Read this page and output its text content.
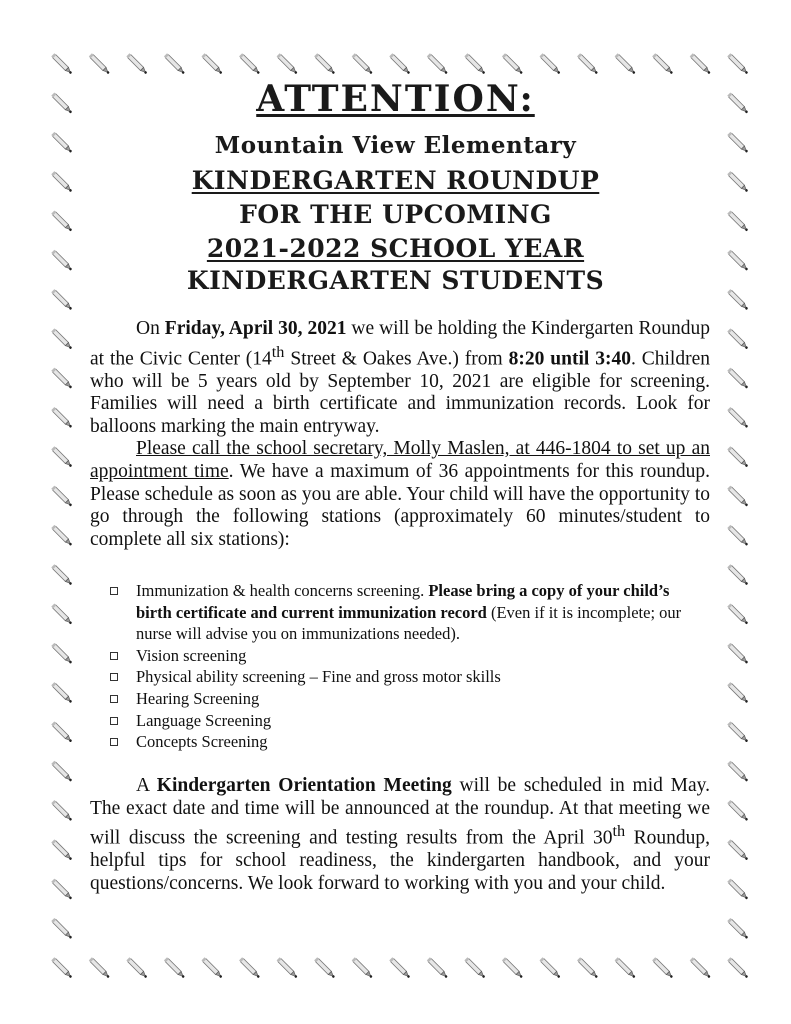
ATTENTION:
Mountain View Elementary
KINDERGARTEN ROUNDUP
FOR THE UPCOMING
2021-2022 SCHOOL YEAR
KINDERGARTEN STUDENTS

On Friday, April 30, 2021 we will be holding the Kindergarten Roundup at the Civic Center (14th Street & Oakes Ave.) from 8:20 until 3:40. Children who will be 5 years old by September 10, 2021 are eligible for screening. Families will need a birth certificate and immunization records. Look for balloons marking the main entryway.
Please call the school secretary, Molly Maslen, at 446-1804 to set up an appointment time. We have a maximum of 36 appointments for this roundup. Please schedule as soon as you are able. Your child will have the opportunity to go through the following stations (approximately 60 minutes/student to complete all six stations):

Immunization & health concerns screening. Please bring a copy of your child’s birth certificate and current immunization record (Even if it is incomplete; our nurse will advise you on immunizations needed).
Vision screening
Physical ability screening – Fine and gross motor skills
Hearing Screening
Language Screening
Concepts Screening

A Kindergarten Orientation Meeting will be scheduled in mid May. The exact date and time will be announced at the roundup. At that meeting we will discuss the screening and testing results from the April 30th Roundup, helpful tips for school readiness, the kindergarten handbook, and your questions/concerns. We look forward to working with you and your child.
